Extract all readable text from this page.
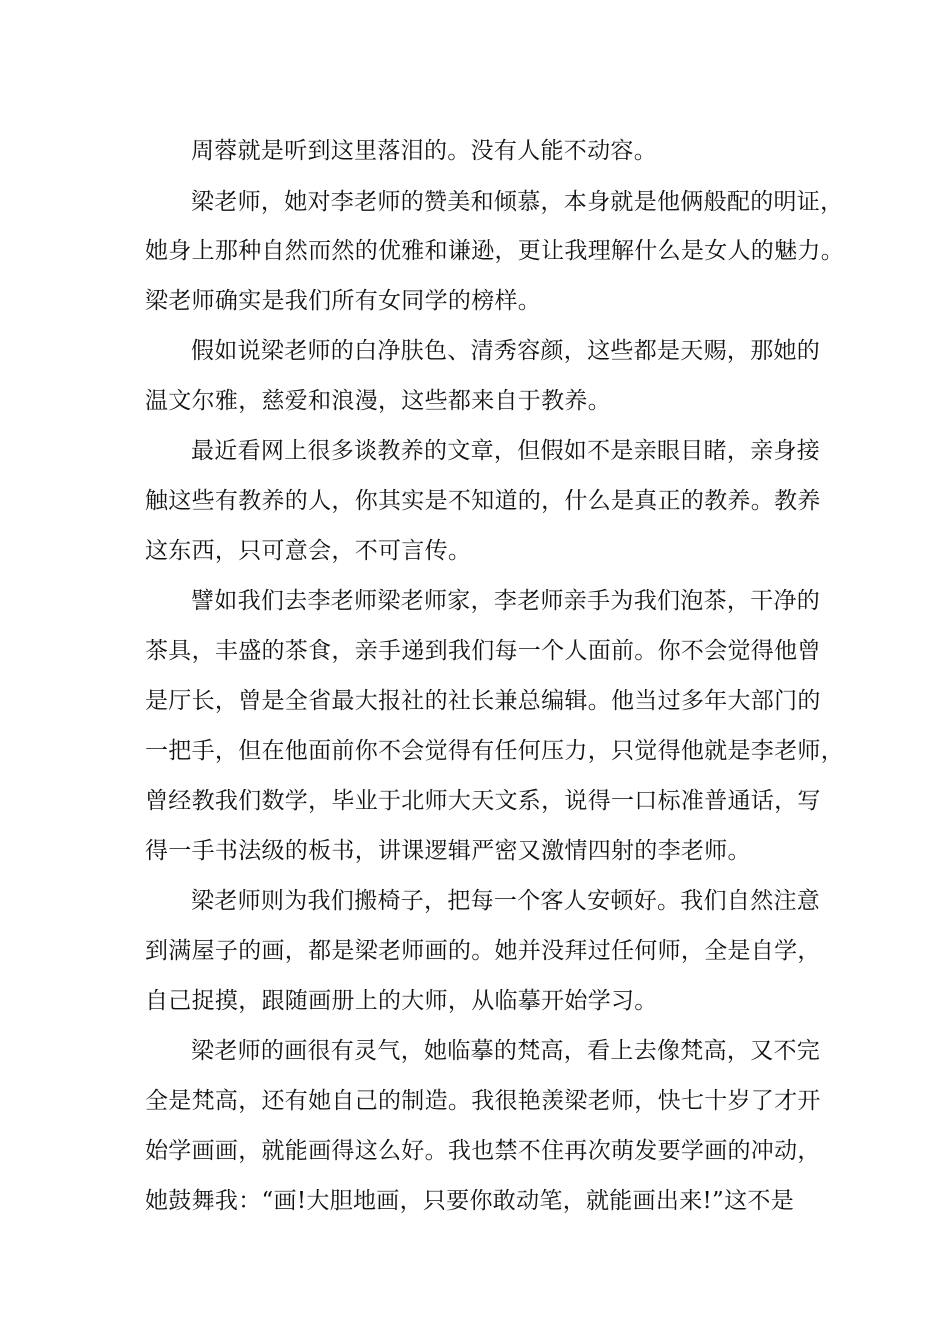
周蓉就是听到这里落泪的。没有人能不动容。
梁老师，她对李老师的赞美和倾慕，本身就是他俩般配的明证，
她身上那种自然而然的优雅和谦逊，更让我理解什么是女人的魅力。
梁老师确实是我们所有女同学的榜样。
假如说梁老师的白净肤色、清秀容颜，这些都是天赐，那她的
温文尔雅，慈爱和浪漫，这些都来自于教养。
最近看网上很多谈教养的文章，但假如不是亲眼目睹，亲身接
触这些有教养的人，你其实是不知道的，什么是真正的教养。教养
这东西，只可意会，不可言传。
譬如我们去李老师梁老师家，李老师亲手为我们泡茶，干净的
茶具，丰盛的茶食，亲手递到我们每一个人面前。你不会觉得他曾
是厅长，曾是全省最大报社的社长兼总编辑。他当过多年大部门的
一把手，但在他面前你不会觉得有任何压力，只觉得他就是李老师，
曾经教我们数学，毕业于北师大天文系，说得一口标准普通话，写
得一手书法级的板书，讲课逻辑严密又激情四射的李老师。
梁老师则为我们搬椅子，把每一个客人安顿好。我们自然注意
到满屋子的画，都是梁老师画的。她并没拜过任何师，全是自学，
自己捉摸，跟随画册上的大师，从临摹开始学习。
梁老师的画很有灵气，她临摹的梵高，看上去像梵高，又不完
全是梵高，还有她自己的制造。我很艳羡梁老师，快七十岁了才开
始学画画，就能画得这么好。我也禁不住再次萌发要学画的冲动，
她鼓舞我：“画!大胆地画，只要你敢动笔，就能画出来!”这不是
